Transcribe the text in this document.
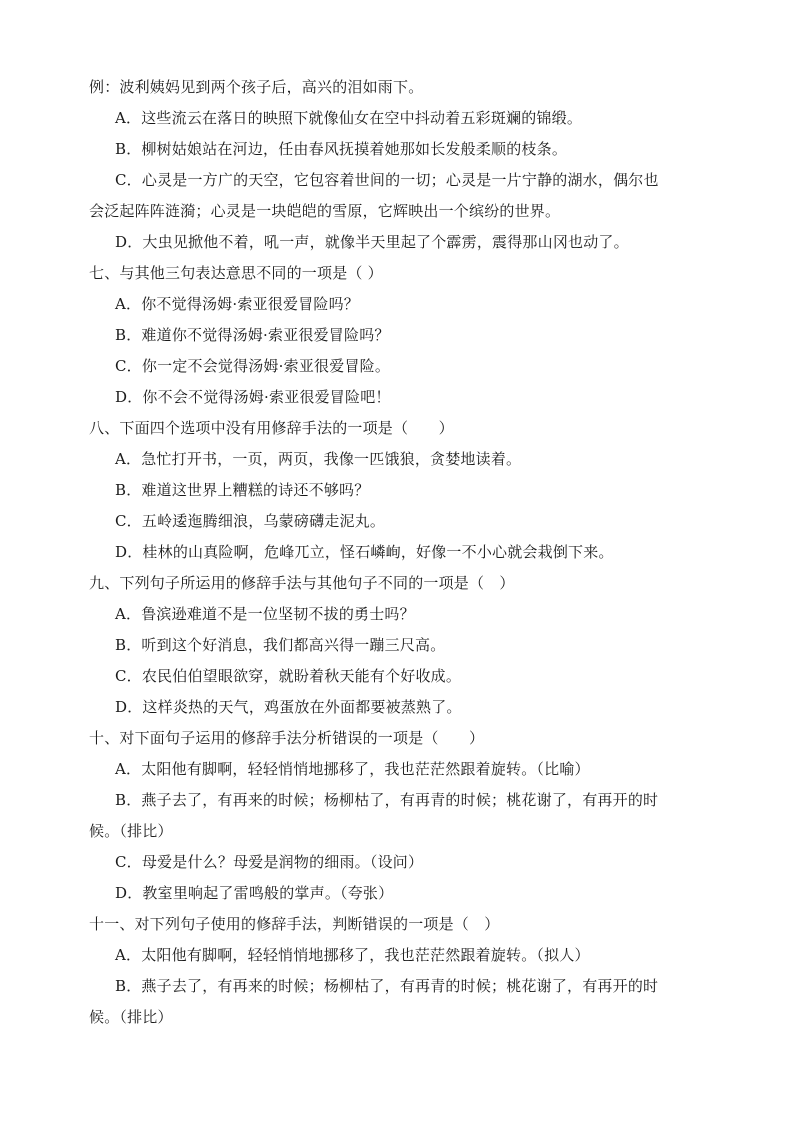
例：波利姨妈见到两个孩子后，高兴的泪如雨下。
A．这些流云在落日的映照下就像仙女在空中抖动着五彩斑斓的锦缎。
B．柳树姑娘站在河边，任由春风抚摸着她那如长发般柔顺的枝条。
C．心灵是一方广的天空，它包容着世间的一切；心灵是一片宁静的湖水，偶尔也
会泛起阵阵涟漪；心灵是一块皑皑的雪原，它辉映出一个缤纷的世界。
D．大虫见掀他不着，吼一声，就像半天里起了个霹雳，震得那山冈也动了。
七、与其他三句表达意思不同的一项是（ ）
A．你不觉得汤姆·索亚很爱冒险吗？
B．难道你不觉得汤姆·索亚很爱冒险吗？
C．你一定不会觉得汤姆·索亚很爱冒险。
D．你不会不觉得汤姆·索亚很爱冒险吧！
八、下面四个选项中没有用修辞手法的一项是（　　）
A．急忙打开书，一页，两页，我像一匹饿狼，贪婪地读着。
B．难道这世界上糟糕的诗还不够吗？
C．五岭逶迤腾细浪，乌蒙磅礴走泥丸。
D．桂林的山真险啊，危峰兀立，怪石嶙峋，好像一不小心就会栽倒下来。
九、下列句子所运用的修辞手法与其他句子不同的一项是（　）
A．鲁滨逊难道不是一位坚韧不拔的勇士吗？
B．听到这个好消息，我们都高兴得一蹦三尺高。
C．农民伯伯望眼欲穿，就盼着秋天能有个好收成。
D．这样炎热的天气，鸡蛋放在外面都要被蒸熟了。
十、对下面句子运用的修辞手法分析错误的一项是（　　）
A．太阳他有脚啊，轻轻悄悄地挪移了，我也茫茫然跟着旋转。（比喻）
B．燕子去了，有再来的时候；杨柳枯了，有再青的时候；桃花谢了，有再开的时
候。（排比）
C．母爱是什么？母爱是润物的细雨。（设问）
D．教室里响起了雷鸣般的掌声。（夸张）
十一、对下列句子使用的修辞手法，判断错误的一项是（　）
A．太阳他有脚啊，轻轻悄悄地挪移了，我也茫茫然跟着旋转。（拟人）
B．燕子去了，有再来的时候；杨柳枯了，有再青的时候；桃花谢了，有再开的时
候。（排比）
